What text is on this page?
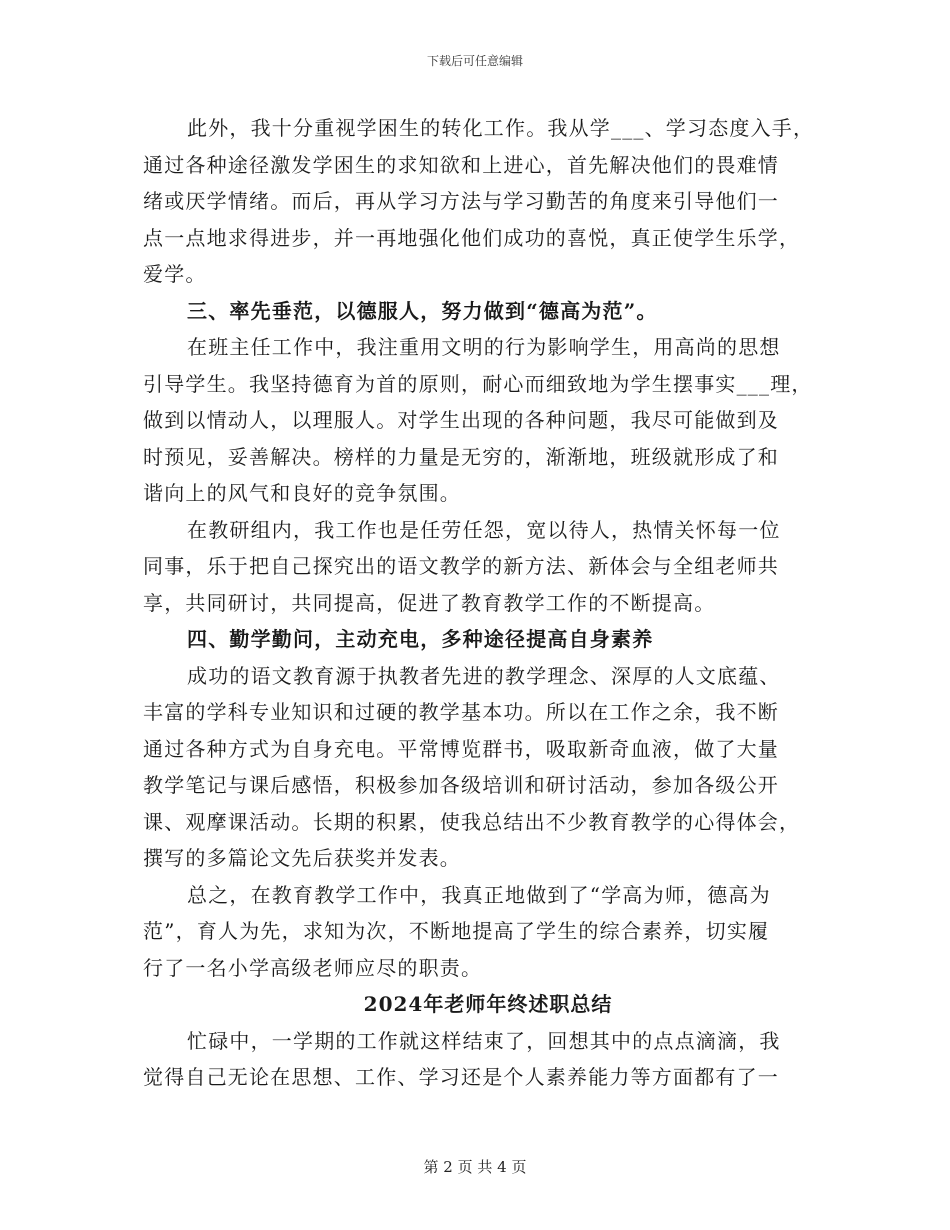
下载后可任意编辑
此外，我十分重视学困生的转化工作。我从学___、学习态度入手，
通过各种途径激发学困生的求知欲和上进心，首先解决他们的畏难情
绪或厌学情绪。而后，再从学习方法与学习勤苦的角度来引导他们一
点一点地求得进步，并一再地强化他们成功的喜悦，真正使学生乐学，
爱学。
三、率先垂范，以德服人，努力做到“德高为范”。
在班主任工作中，我注重用文明的行为影响学生，用高尚的思想
引导学生。我坚持德育为首的原则，耐心而细致地为学生摆事实___理，
做到以情动人，以理服人。对学生出现的各种问题，我尽可能做到及
时预见，妥善解决。榜样的力量是无穷的，渐渐地，班级就形成了和
谐向上的风气和良好的竞争氛围。
在教研组内，我工作也是任劳任怨，宽以待人，热情关怀每一位
同事，乐于把自己探究出的语文教学的新方法、新体会与全组老师共
享，共同研讨，共同提高，促进了教育教学工作的不断提高。
四、勤学勤问，主动充电，多种途径提高自身素养
成功的语文教育源于执教者先进的教学理念、深厚的人文底蕴、
丰富的学科专业知识和过硬的教学基本功。所以在工作之余，我不断
通过各种方式为自身充电。平常博览群书，吸取新奇血液，做了大量
教学笔记与课后感悟，积极参加各级培训和研讨活动，参加各级公开
课、观摩课活动。长期的积累，使我总结出不少教育教学的心得体会，
撰写的多篇论文先后获奖并发表。
总之，在教育教学工作中，我真正地做到了“学高为师，德高为
范”，育人为先，求知为次，不断地提高了学生的综合素养，切实履
行了一名小学高级老师应尽的职责。
2024年老师年终述职总结
忙碌中，一学期的工作就这样结束了，回想其中的点点滴滴，我
觉得自己无论在思想、工作、学习还是个人素养能力等方面都有了一
第 2 页 共 4 页
